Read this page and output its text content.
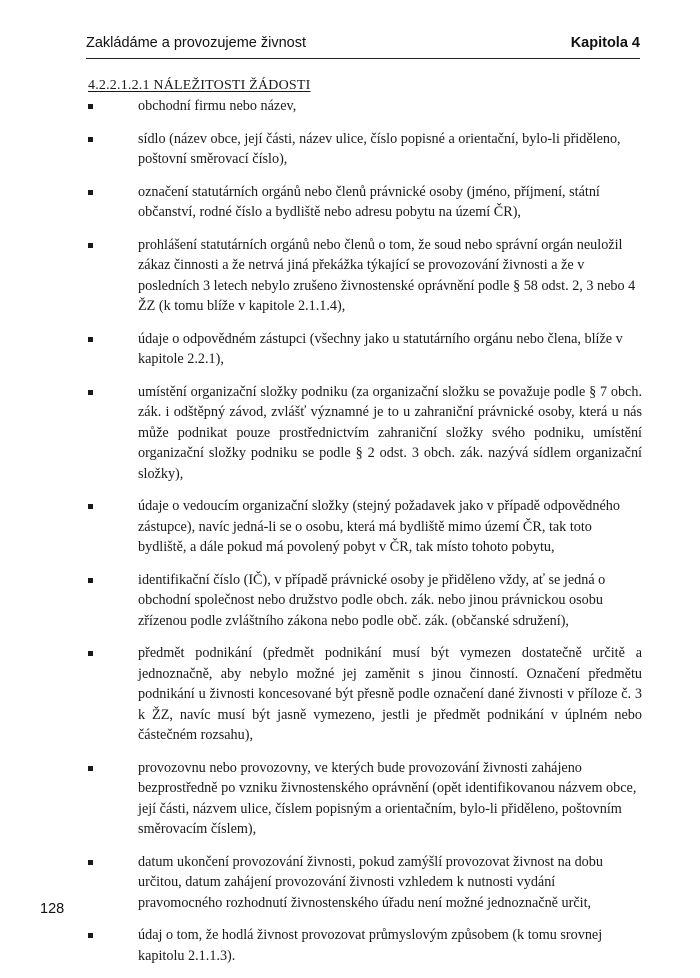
Zakládáme a provozujeme živnost	Kapitola 4
4.2.2.1.2.1 NÁLEŽITOSTI ŽÁDOSTI
obchodní firmu nebo název,
sídlo (název obce, její části, název ulice, číslo popisné a orientační, bylo-li přiděleno, poštovní směrovací číslo),
označení statutárních orgánů nebo členů právnické osoby (jméno, příjmení, státní občanství, rodné číslo a bydliště nebo adresu pobytu na území ČR),
prohlášení statutárních orgánů nebo členů o tom, že soud nebo správní orgán neuložil zákaz činnosti a že netrvá jiná překážka týkající se provozování živnosti a že v posledních 3 letech nebylo zrušeno živnostenské oprávnění podle § 58 odst. 2, 3 nebo 4 ŽZ (k tomu blíže v kapitole 2.1.1.4),
údaje o odpovědném zástupci (všechny jako u statutárního orgánu nebo člena, blíže v kapitole 2.2.1),
umístění organizační složky podniku (za organizační složku se považuje podle § 7 obch. zák. i odštěpný závod, zvlášť významné je to u zahraniční právnické osoby, která u nás může podnikat pouze prostřednictvím zahraniční složky svého podniku, umístění organizační složky podniku se podle § 2 odst. 3 obch. zák. nazývá sídlem organizační složky),
údaje o vedoucím organizační složky (stejný požadavek jako v případě odpovědného zástupce), navíc jedná-li se o osobu, která má bydliště mimo území ČR, tak toto bydliště, a dále pokud má povolený pobyt v ČR, tak místo tohoto pobytu,
identifikační číslo (IČ), v případě právnické osoby je přiděleno vždy, ať se jedná o obchodní společnost nebo družstvo podle obch. zák. nebo jinou právnickou osobu zřízenou podle zvláštního zákona nebo podle obč. zák. (občanské sdružení),
předmět podnikání (předmět podnikání musí být vymezen dostatečně určitě a jednoznačně, aby nebylo možné jej zaměnit s jinou činností. Označení předmětu podnikání u živnosti koncesované být přesně podle označení dané živnosti v příloze č. 3 k ŽZ, navíc musí být jasně vymezeno, jestli je předmět podnikání v úplném nebo částečném rozsahu),
provozovnu nebo provozovny, ve kterých bude provozování živnosti zahájeno bezprostředně po vzniku živnostenského oprávnění (opět identifikovanou názvem obce, její části, názvem ulice, číslem popisným a orientačním, bylo-li přiděleno, poštovním směrovacím číslem),
datum ukončení provozování živnosti, pokud zamýšlí provozovat živnost na dobu určitou, datum zahájení provozování živnosti vzhledem k nutnosti vydání pravomocného rozhodnutí živnostenského úřadu není možné jednoznačně určit,
údaj o tom, že hodlá živnost provozovat průmyslovým způsobem (k tomu srovnej kapitolu 2.1.1.3).
128
